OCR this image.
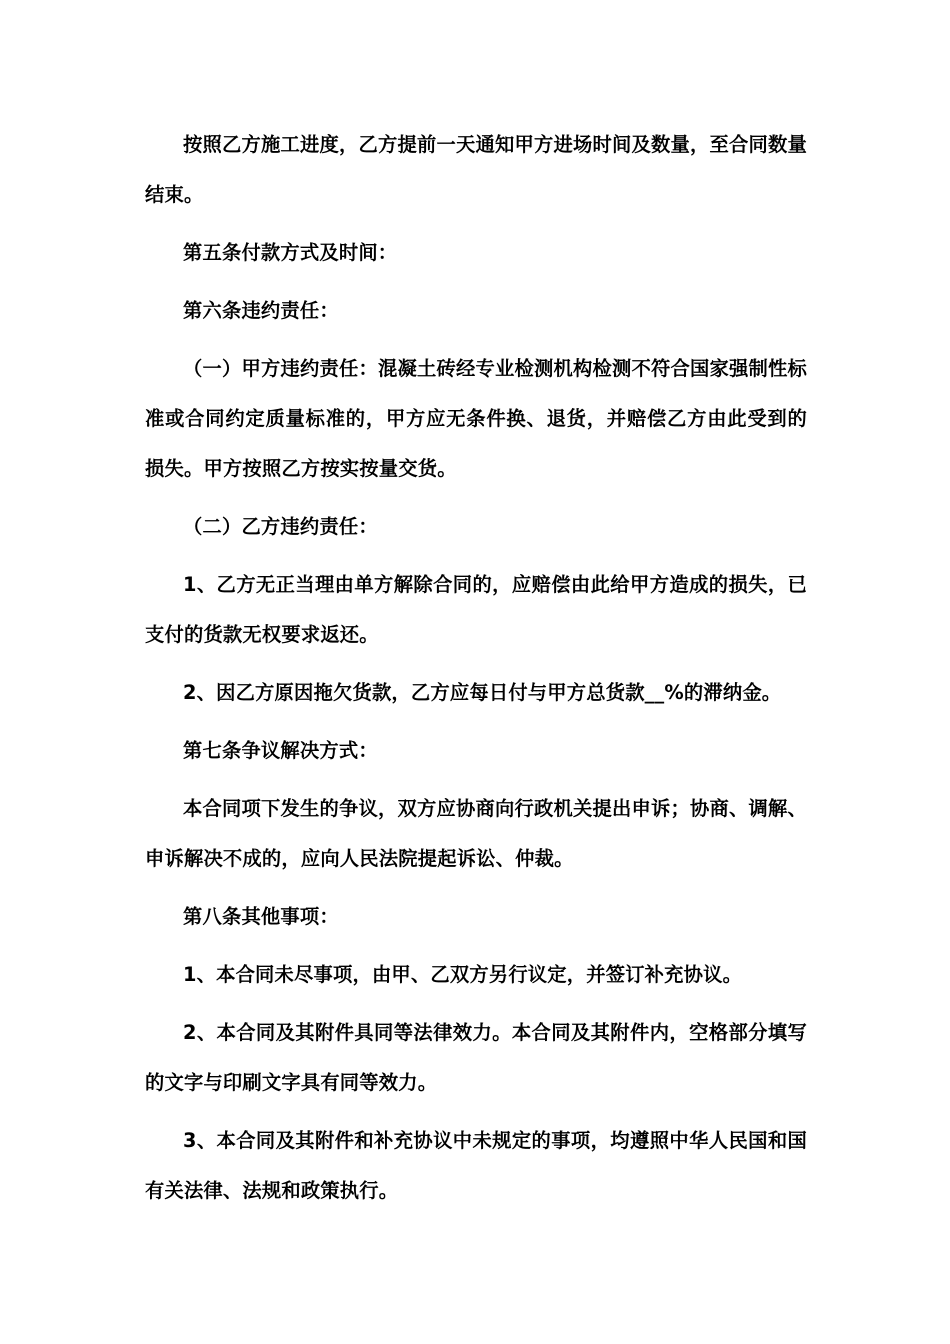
按照乙方施工进度，乙方提前一天通知甲方进场时间及数量，至合同数量结束。

第五条付款方式及时间：

第六条违约责任：

（一）甲方违约责任：混凝土砖经专业检测机构检测不符合国家强制性标准或合同约定质量标准的，甲方应无条件换、退货，并赔偿乙方由此受到的损失。甲方按照乙方按实按量交货。

（二）乙方违约责任：

1、乙方无正当理由单方解除合同的，应赔偿由此给甲方造成的损失，已支付的货款无权要求返还。

2、因乙方原因拖欠货款，乙方应每日付与甲方总货款__%的滞纳金。

第七条争议解决方式：

本合同项下发生的争议，双方应协商向行政机关提出申诉；协商、调解、申诉解决不成的，应向人民法院提起诉讼、仲裁。

第八条其他事项：

1、本合同未尽事项，由甲、乙双方另行议定，并签订补充协议。

2、本合同及其附件具同等法律效力。本合同及其附件内，空格部分填写的文字与印刷文字具有同等效力。

3、本合同及其附件和补充协议中未规定的事项，均遵照中华人民国和国有关法律、法规和政策执行。
